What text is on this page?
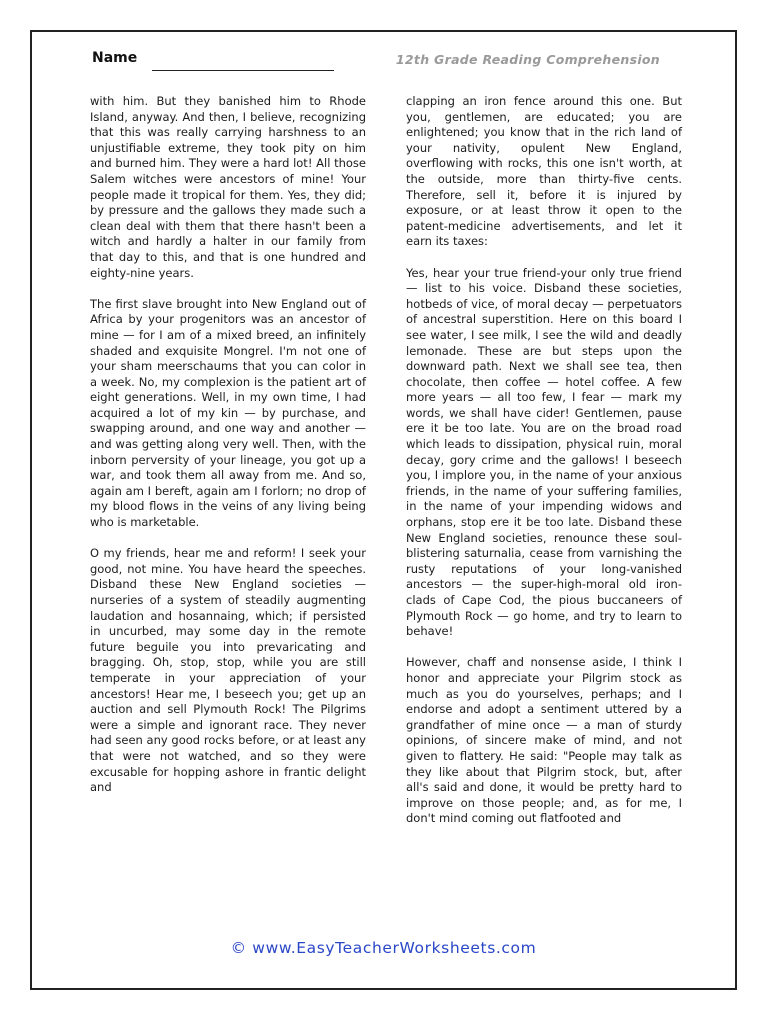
Name	12th Grade Reading Comprehension

with him. But they banished him to Rhode Island, anyway. And then, I believe, recognizing that this was really carrying harshness to an unjustifiable extreme, they took pity on him and burned him. They were a hard lot! All those Salem witches were ancestors of mine! Your people made it tropical for them. Yes, they did; by pressure and the gallows they made such a clean deal with them that there hasn't been a witch and hardly a halter in our family from that day to this, and that is one hundred and eighty-nine years.

The first slave brought into New England out of Africa by your progenitors was an ancestor of mine — for I am of a mixed breed, an infinitely shaded and exquisite Mongrel. I'm not one of your sham meerschaums that you can color in a week. No, my complexion is the patient art of eight generations. Well, in my own time, I had acquired a lot of my kin — by purchase, and swapping around, and one way and another — and was getting along very well. Then, with the inborn perversity of your lineage, you got up a war, and took them all away from me. And so, again am I bereft, again am I forlorn; no drop of my blood flows in the veins of any living being who is marketable.

O my friends, hear me and reform! I seek your good, not mine. You have heard the speeches. Disband these New England societies — nurseries of a system of steadily augmenting laudation and hosannaing, which; if persisted in uncurbed, may some day in the remote future beguile you into prevaricating and bragging. Oh, stop, stop, while you are still temperate in your appreciation of your ancestors! Hear me, I beseech you; get up an auction and sell Plymouth Rock! The Pilgrims were a simple and ignorant race. They never had seen any good rocks before, or at least any that were not watched, and so they were excusable for hopping ashore in frantic delight and

clapping an iron fence around this one. But you, gentlemen, are educated; you are enlightened; you know that in the rich land of your nativity, opulent New England, overflowing with rocks, this one isn't worth, at the outside, more than thirty-five cents. Therefore, sell it, before it is injured by exposure, or at least throw it open to the patent-medicine advertisements, and let it earn its taxes:

Yes, hear your true friend-your only true friend — list to his voice. Disband these societies, hotbeds of vice, of moral decay — perpetuators of ancestral superstition. Here on this board I see water, I see milk, I see the wild and deadly lemonade. These are but steps upon the downward path. Next we shall see tea, then chocolate, then coffee — hotel coffee. A few more years — all too few, I fear — mark my words, we shall have cider! Gentlemen, pause ere it be too late. You are on the broad road which leads to dissipation, physical ruin, moral decay, gory crime and the gallows! I beseech you, I implore you, in the name of your anxious friends, in the name of your suffering families, in the name of your impending widows and orphans, stop ere it be too late. Disband these New England societies, renounce these soul-blistering saturnalia, cease from varnishing the rusty reputations of your long-vanished ancestors — the super-high-moral old iron-clads of Cape Cod, the pious buccaneers of Plymouth Rock — go home, and try to learn to behave!

However, chaff and nonsense aside, I think I honor and appreciate your Pilgrim stock as much as you do yourselves, perhaps; and I endorse and adopt a sentiment uttered by a grandfather of mine once — a man of sturdy opinions, of sincere make of mind, and not given to flattery. He said: "People may talk as they like about that Pilgrim stock, but, after all's said and done, it would be pretty hard to improve on those people; and, as for me, I don't mind coming out flatfooted and

© www.EasyTeacherWorksheets.com
